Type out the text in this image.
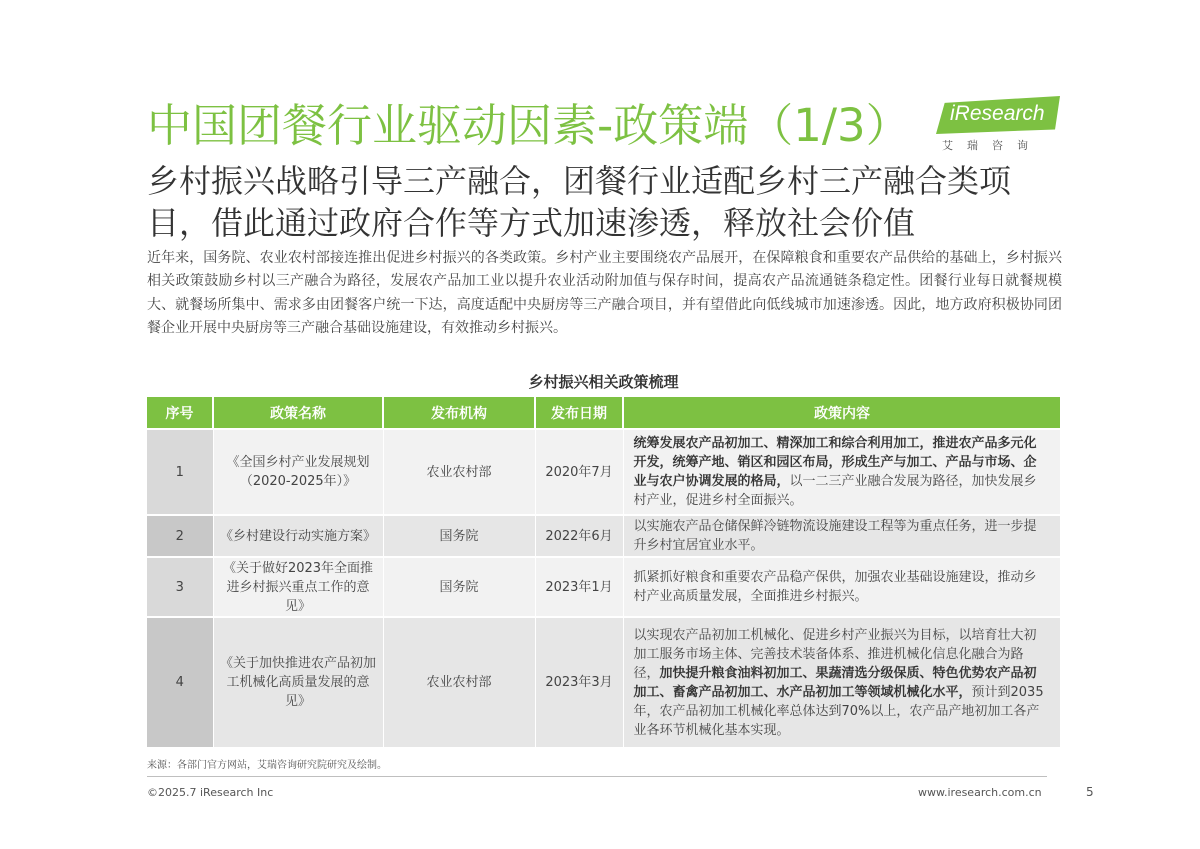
中国团餐行业驱动因素-政策端（1/3）	iResearch
艾瑞咨询
乡村振兴战略引导三产融合，团餐行业适配乡村三产融合类项目，借此通过政府合作等方式加速渗透，释放社会价值

近年来，国务院、农业农村部接连推出促进乡村振兴的各类政策。乡村产业主要围绕农产品展开，在保障粮食和重要农产品供给的基础上，乡村振兴相关政策鼓励乡村以三产融合为路径，发展农产品加工业以提升农业活动附加值与保存时间，提高农产品流通链条稳定性。团餐行业每日就餐规模大、就餐场所集中、需求多由团餐客户统一下达，高度适配中央厨房等三产融合项目，并有望借此向低线城市加速渗透。因此，地方政府积极协同团餐企业开展中央厨房等三产融合基础设施建设，有效推动乡村振兴。

乡村振兴相关政策梳理
序号	政策名称	发布机构	发布日期	政策内容
1	《全国乡村产业发展规划（2020-2025年）》	农业农村部	2020年7月	统筹发展农产品初加工、精深加工和综合利用加工，推进农产品多元化开发，统筹产地、销区和园区布局，形成生产与加工、产品与市场、企业与农户协调发展的格局，以一二三产业融合发展为路径，加快发展乡村产业，促进乡村全面振兴。
2	《乡村建设行动实施方案》	国务院	2022年6月	以实施农产品仓储保鲜冷链物流设施建设工程等为重点任务，进一步提升乡村宜居宜业水平。
3	《关于做好2023年全面推进乡村振兴重点工作的意见》	国务院	2023年1月	抓紧抓好粮食和重要农产品稳产保供，加强农业基础设施建设，推动乡村产业高质量发展，全面推进乡村振兴。
4	《关于加快推进农产品初加工机械化高质量发展的意见》	农业农村部	2023年3月	以实现农产品初加工机械化、促进乡村产业振兴为目标，以培育壮大初加工服务市场主体、完善技术装备体系、推进机械化信息化融合为路径，加快提升粮食油料初加工、果蔬清选分级保质、特色优势农产品初加工、畜禽产品初加工、水产品初加工等领域机械化水平，预计到2035年，农产品初加工机械化率总体达到70%以上，农产品产地初加工各产业各环节机械化基本实现。
来源：各部门官方网站，艾瑞咨询研究院研究及绘制。
©2025.7 iResearch Inc	www.iresearch.com.cn	5
